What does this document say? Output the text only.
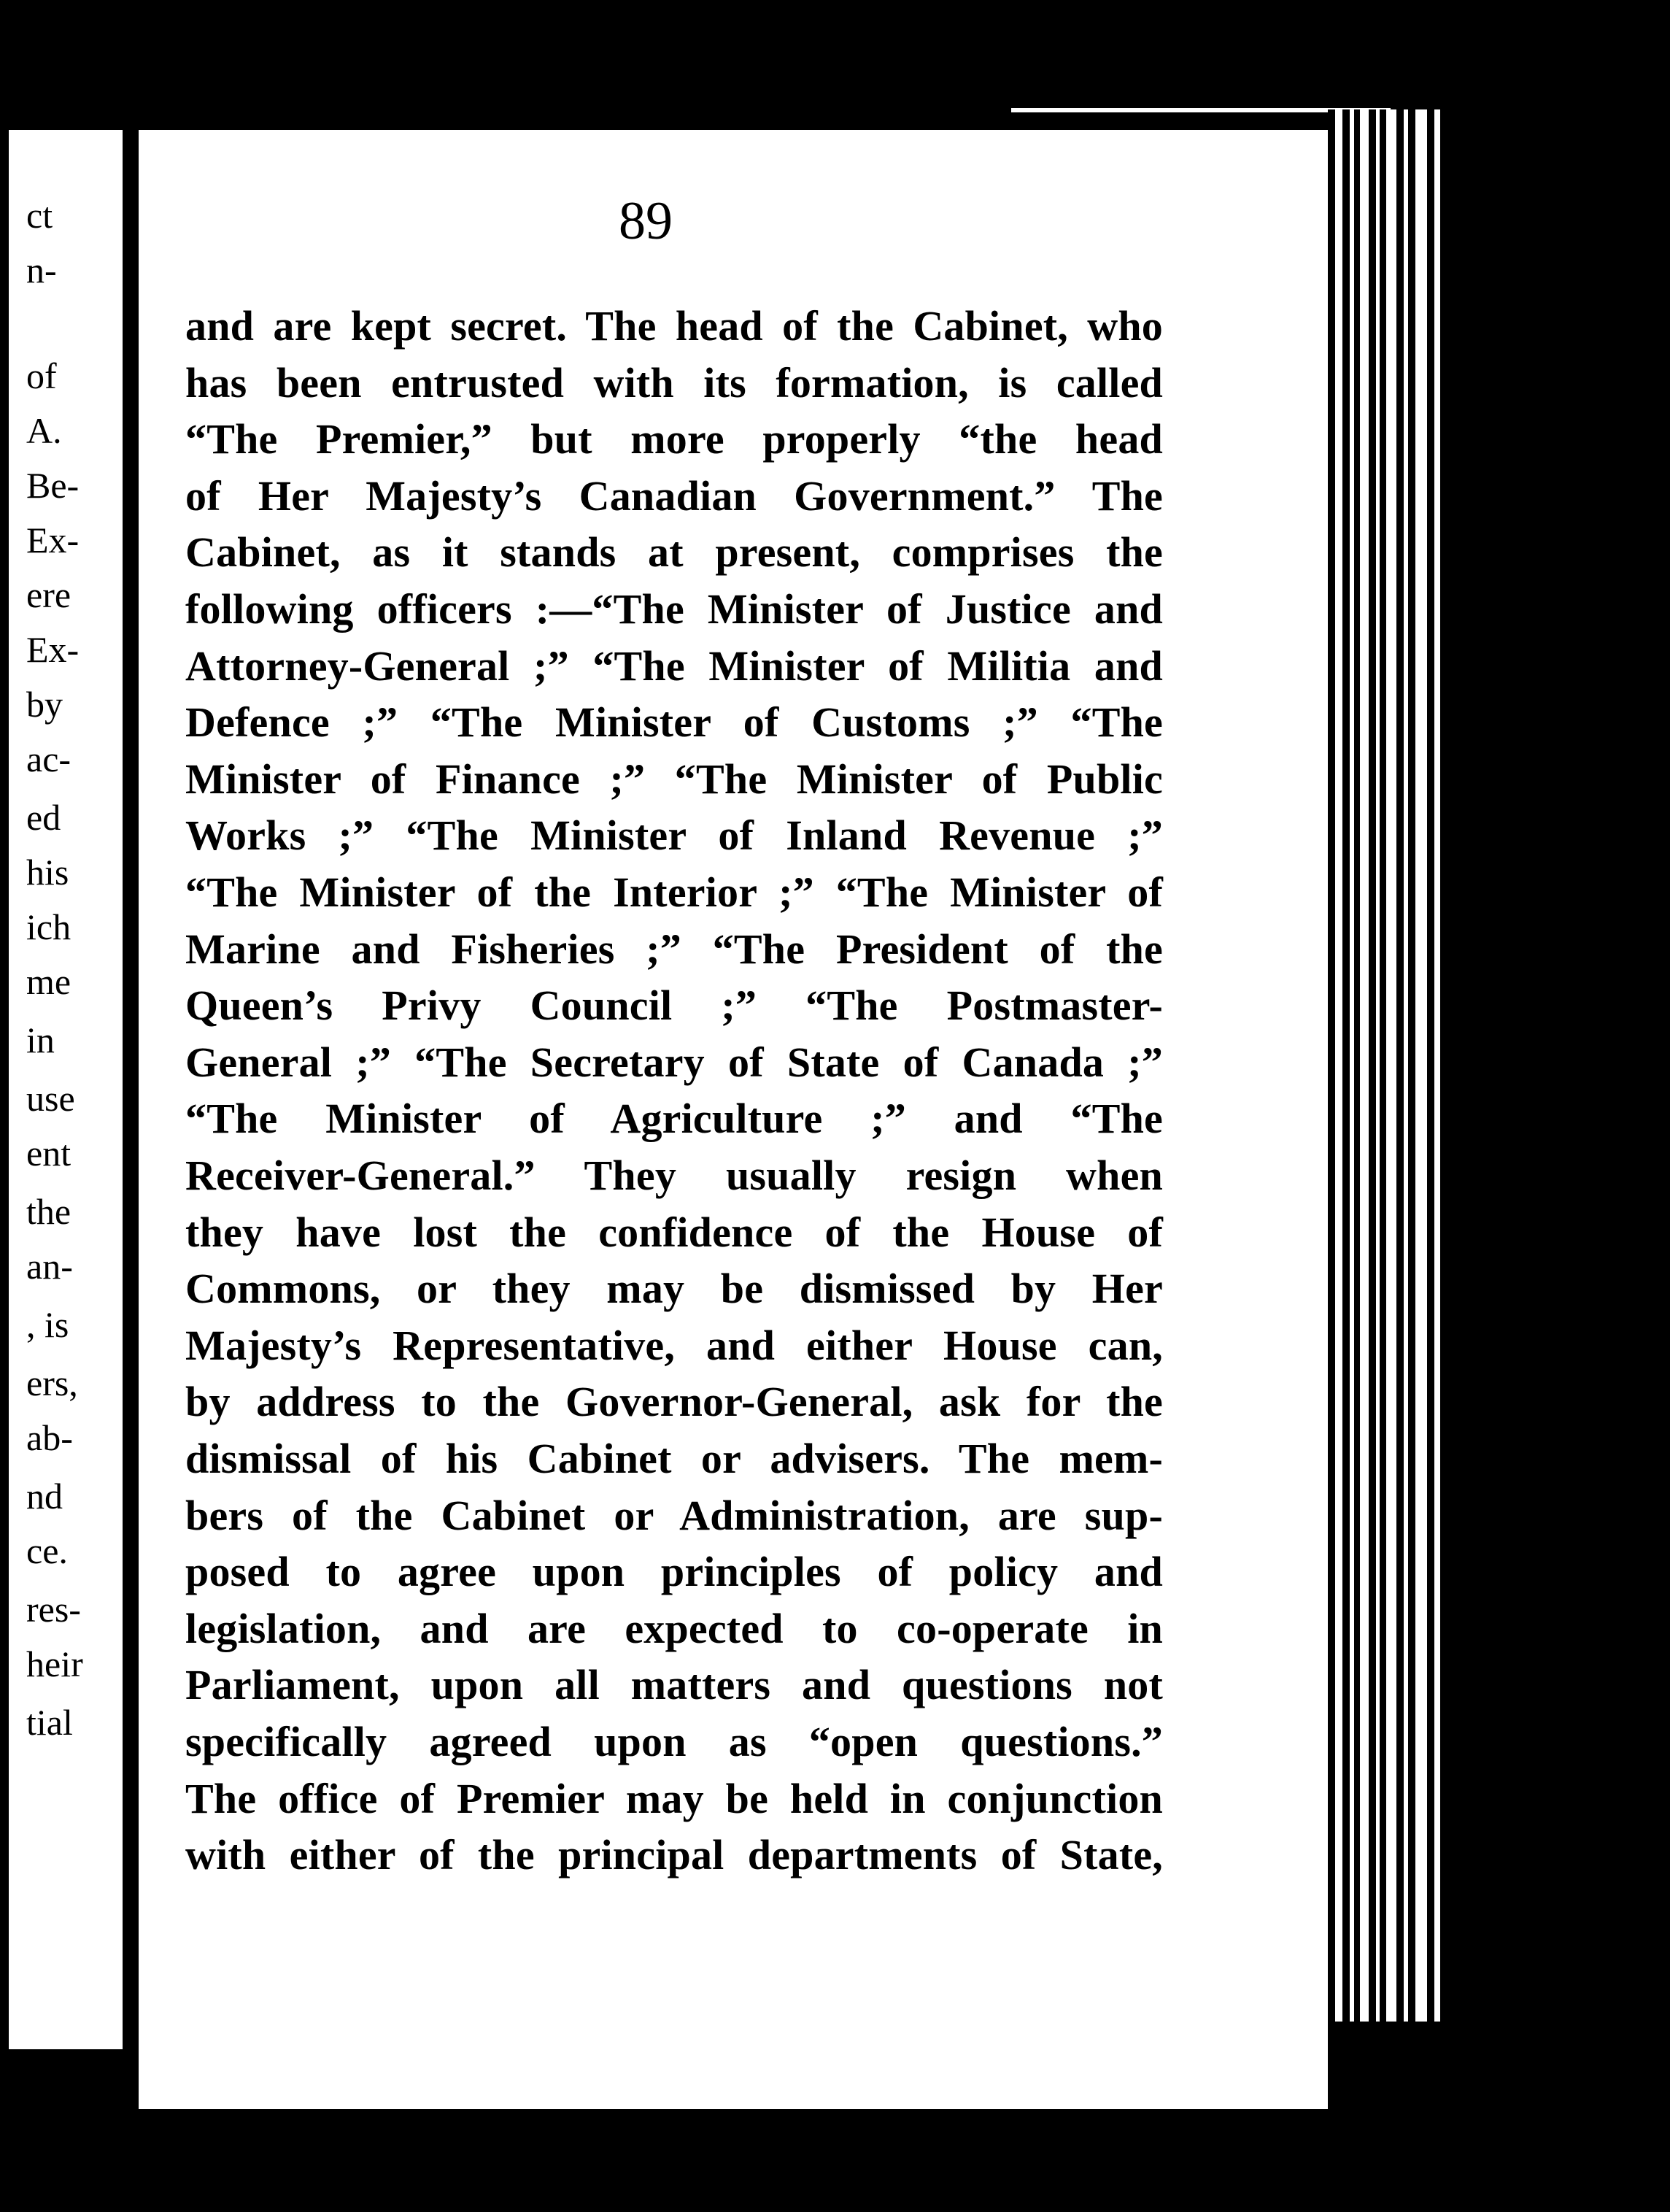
ct
n-
of
A.
Be-
Ex-
ere
Ex-
by
ac-
ed
his
ich
me
in
use
ent
the
an-
, is
ers,
ab-
nd
ce.
res-
heir
tial
89
and are kept secret. The head of the Cabinet, who
has been entrusted with its formation, is called
“The Premier,” but more properly “the head
of Her Majesty’s Canadian Government.” The
Cabinet, as it stands at present, comprises the
following officers :—“The Minister of Justice and
Attorney-General ;” “The Minister of Militia and
Defence ;” “The Minister of Customs ;” “The
Minister of Finance ;” “The Minister of Public
Works ;” “The Minister of Inland Revenue ;”
“The Minister of the Interior ;” “The Minister of
Marine and Fisheries ;” “The President of the
Queen’s Privy Council ;” “The Postmaster-
General ;” “The Secretary of State of Canada ;”
“The Minister of Agriculture ;” and “The
Receiver-General.” They usually resign when
they have lost the confidence of the House of
Commons, or they may be dismissed by Her
Majesty’s Representative, and either House can,
by address to the Governor-General, ask for the
dismissal of his Cabinet or advisers. The mem-
bers of the Cabinet or Administration, are sup-
posed to agree upon principles of policy and
legislation, and are expected to co-operate in
Parliament, upon all matters and questions not
specifically agreed upon as “open questions.”
The office of Premier may be held in conjunction
with either of the principal departments of State,
